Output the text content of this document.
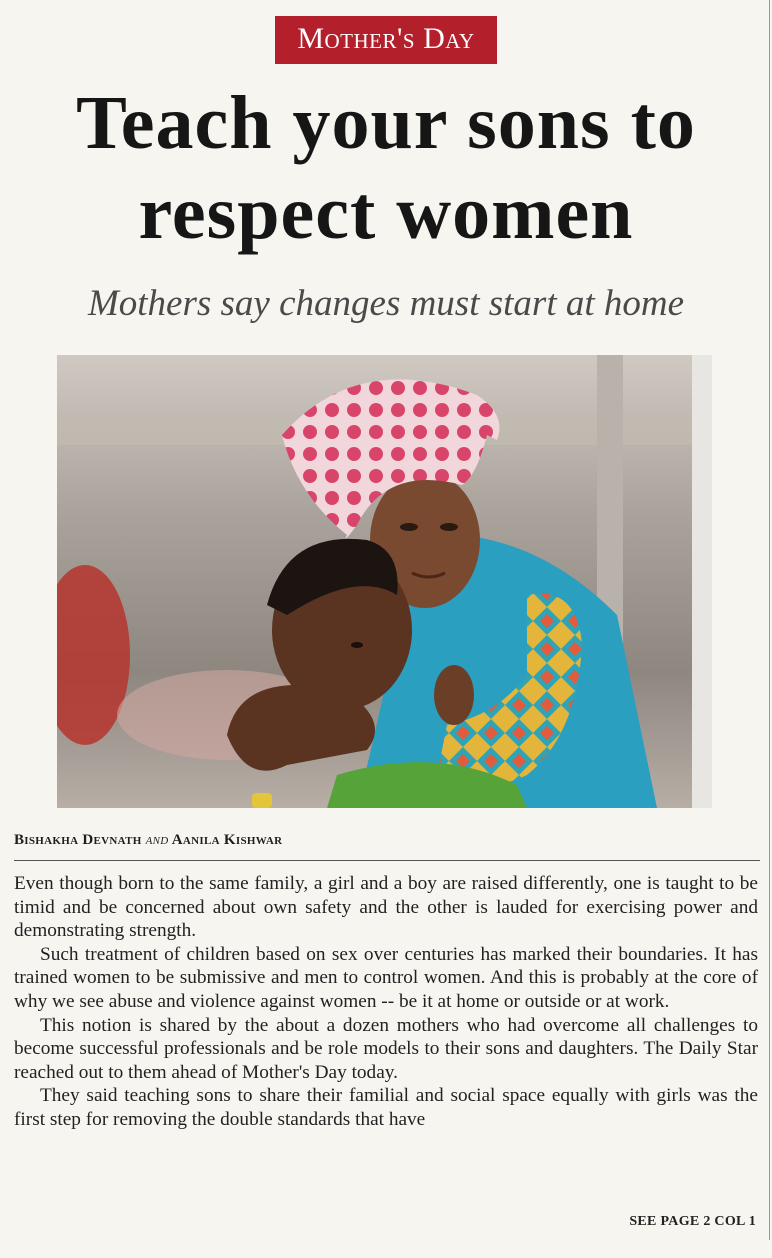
Mother's Day
Teach your sons to respect women
Mothers say changes must start at home
Bishakha Devnath and Aanila Kishwar

Even though born to the same family, a girl and a boy are raised differently, one is taught to be timid and be concerned about own safety and the other is lauded for exercising power and demonstrating strength.

Such treatment of children based on sex over centuries has marked their boundaries. It has trained women to be submissive and men to control women. And this is probably at the core of why we see abuse and violence against women -- be it at home or outside or at work.

This notion is shared by the about a dozen mothers who had overcome all challenges to become successful professionals and be role models to their sons and daughters. The Daily Star reached out to them ahead of Mother's Day today.

They said teaching sons to share their familial and social space equally with girls was the first step for removing the double standards that have

SEE PAGE 2 COL 1
